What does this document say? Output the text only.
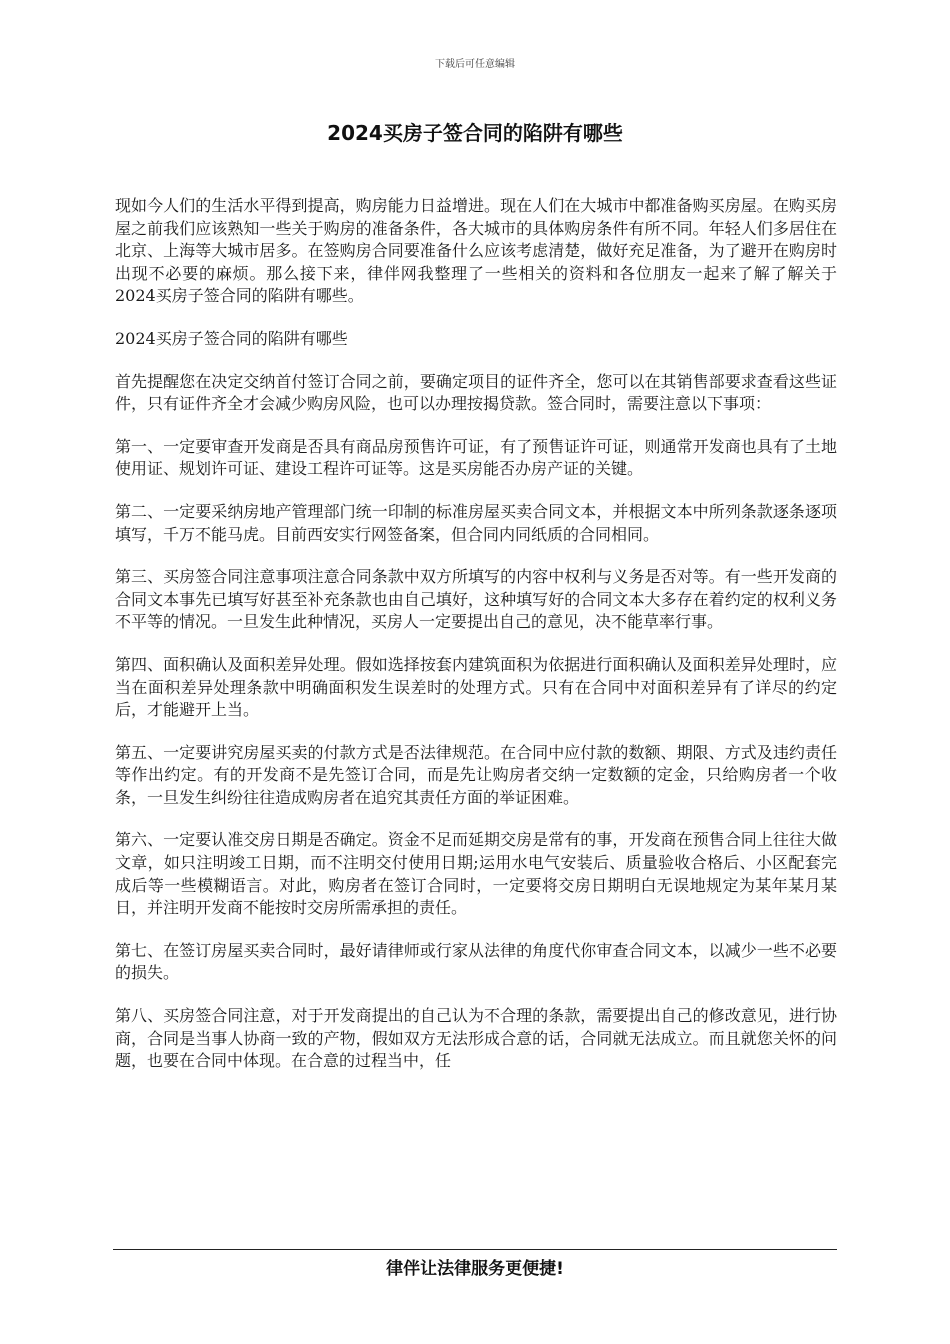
下载后可任意编辑
2024买房子签合同的陷阱有哪些

现如今人们的生活水平得到提高，购房能力日益增进。现在人们在大城市中都准备购买房屋。在购买房屋之前我们应该熟知一些关于购房的准备条件，各大城市的具体购房条件有所不同。年轻人们多居住在北京、上海等大城市居多。在签购房合同要准备什么应该考虑清楚，做好充足准备，为了避开在购房时出现不必要的麻烦。那么接下来，律伴网我整理了一些相关的资料和各位朋友一起来了解了解关于2024买房子签合同的陷阱有哪些。

2024买房子签合同的陷阱有哪些

首先提醒您在决定交纳首付签订合同之前，要确定项目的证件齐全，您可以在其销售部要求查看这些证件，只有证件齐全才会减少购房风险，也可以办理按揭贷款。签合同时，需要注意以下事项：

第一、一定要审查开发商是否具有商品房预售许可证，有了预售证许可证，则通常开发商也具有了土地使用证、规划许可证、建设工程许可证等。这是买房能否办房产证的关键。

第二、一定要采纳房地产管理部门统一印制的标准房屋买卖合同文本，并根据文本中所列条款逐条逐项填写，千万不能马虎。目前西安实行网签备案，但合同内同纸质的合同相同。

第三、买房签合同注意事项注意合同条款中双方所填写的内容中权利与义务是否对等。有一些开发商的合同文本事先已填写好甚至补充条款也由自己填好，这种填写好的合同文本大多存在着约定的权利义务不平等的情况。一旦发生此种情况，买房人一定要提出自己的意见，决不能草率行事。

第四、面积确认及面积差异处理。假如选择按套内建筑面积为依据进行面积确认及面积差异处理时，应当在面积差异处理条款中明确面积发生误差时的处理方式。只有在合同中对面积差异有了详尽的约定后，才能避开上当。

第五、一定要讲究房屋买卖的付款方式是否法律规范。在合同中应付款的数额、期限、方式及违约责任等作出约定。有的开发商不是先签订合同，而是先让购房者交纳一定数额的定金，只给购房者一个收条，一旦发生纠纷往往造成购房者在追究其责任方面的举证困难。

第六、一定要认准交房日期是否确定。资金不足而延期交房是常有的事，开发商在预售合同上往往大做文章，如只注明竣工日期，而不注明交付使用日期;运用水电气安装后、质量验收合格后、小区配套完成后等一些模糊语言。对此，购房者在签订合同时，一定要将交房日期明白无误地规定为某年某月某日，并注明开发商不能按时交房所需承担的责任。

第七、在签订房屋买卖合同时，最好请律师或行家从法律的角度代你审查合同文本，以减少一些不必要的损失。

第八、买房签合同注意，对于开发商提出的自己认为不合理的条款，需要提出自己的修改意见，进行协商，合同是当事人协商一致的产物，假如双方无法形成合意的话，合同就无法成立。而且就您关怀的问题，也要在合同中体现。在合意的过程当中，任

律伴让法律服务更便捷!
